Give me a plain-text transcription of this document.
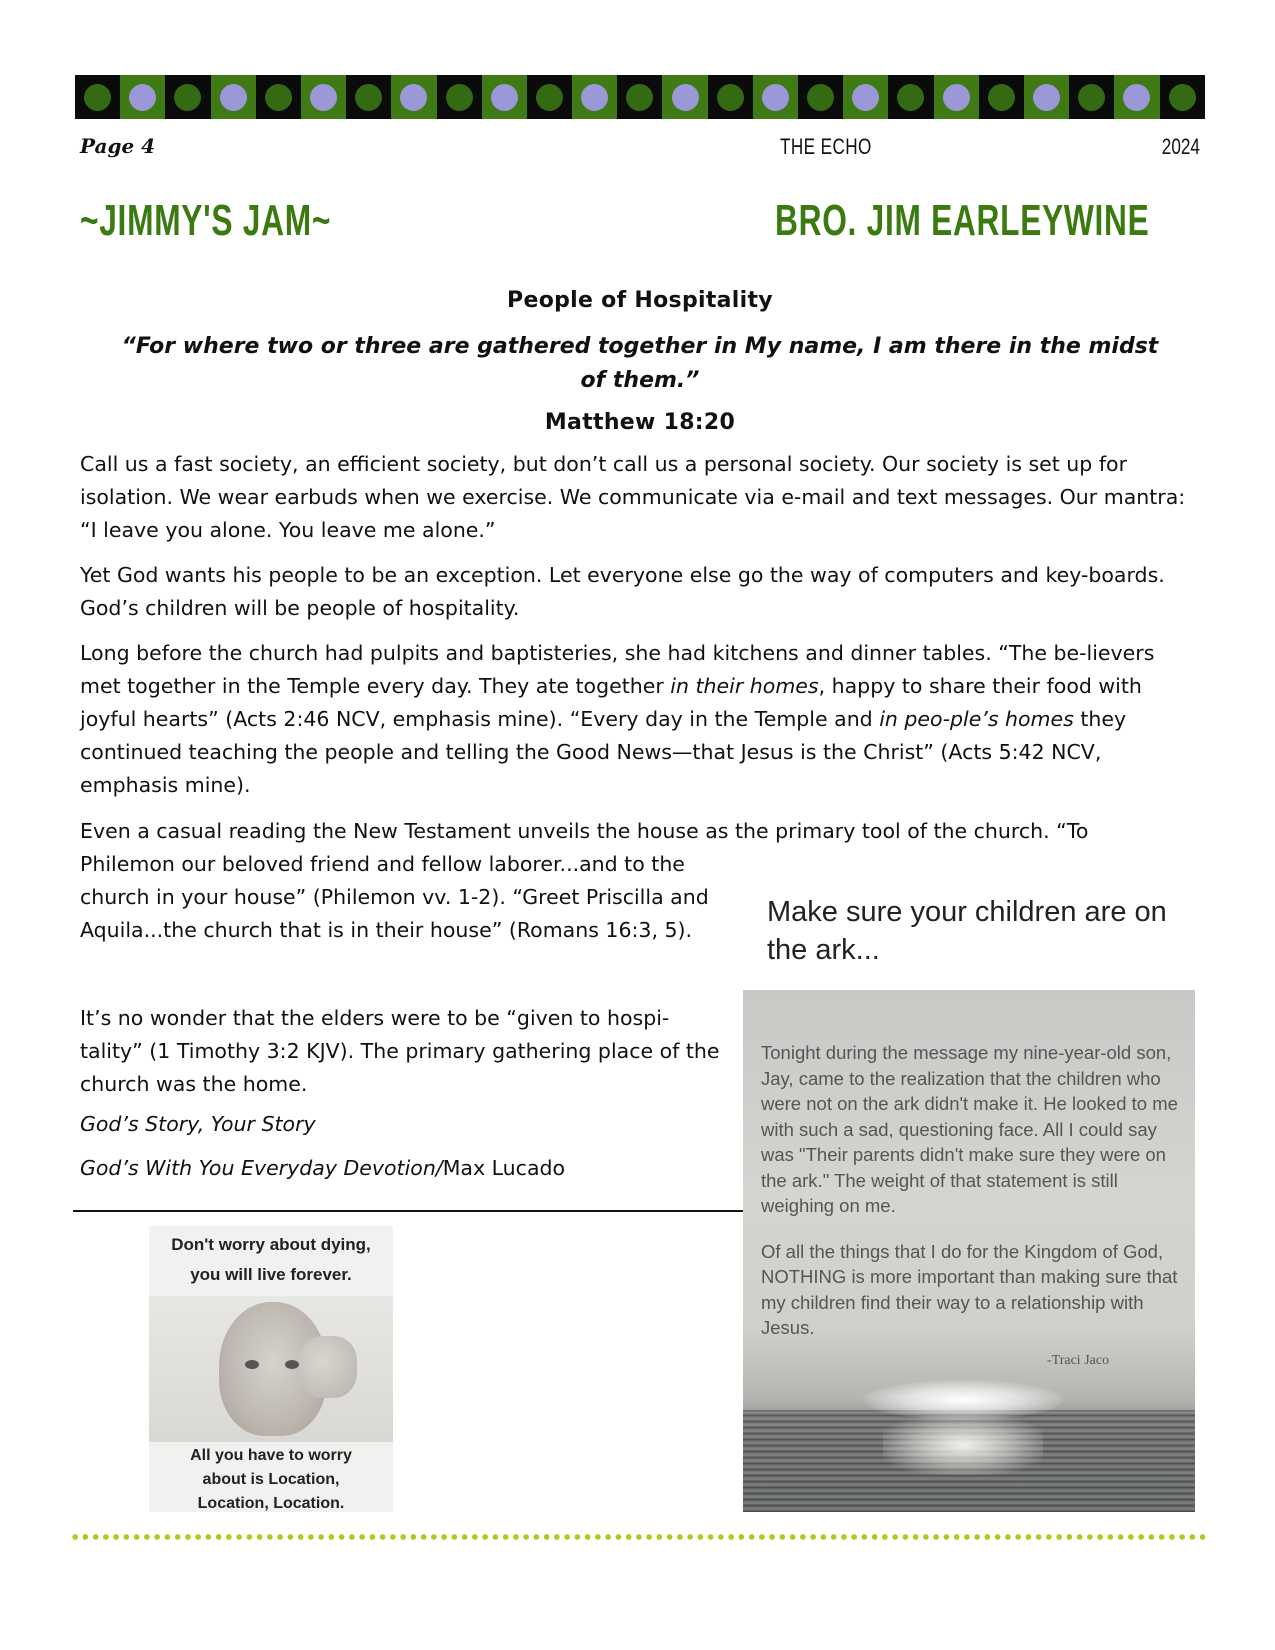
Page 4	THE ECHO	2024
~JIMMY'S JAM~	BRO. JIM EARLEYWINE
People of Hospitality
“For where two or three are gathered together in My name, I am there in the midst of them.”
Matthew 18:20

Call us a fast society, an efficient society, but don’t call us a personal society. Our society is set up for isolation. We wear earbuds when we exercise. We communicate via e-mail and text messages. Our mantra: “I leave you alone. You leave me alone.”

Yet God wants his people to be an exception. Let everyone else go the way of computers and key-boards. God’s children will be people of hospitality.

Long before the church had pulpits and baptisteries, she had kitchens and dinner tables. “The be-lievers met together in the Temple every day. They ate together in their homes, happy to share their food with joyful hearts” (Acts 2:46 NCV, emphasis mine). “Every day in the Temple and in peo-ple’s homes they continued teaching the people and telling the Good News—that Jesus is the Christ” (Acts 5:42 NCV, emphasis mine).

Even a casual reading the New Testament unveils the house as the primary tool of the church. “To

Philemon our beloved friend and fellow laborer...and to the church in your house” (Philemon vv. 1-2). “Greet Priscilla and Aquila...the church that is in their house” (Romans 16:3, 5).

It’s no wonder that the elders were to be “given to hospi-tality” (1 Timothy 3:2 KJV). The primary gathering place of the church was the home.

God’s Story, Your Story
God’s With You Everyday Devotion/Max Lucado
Make sure your children are on the ark...

Tonight during the message my nine-year-old son, Jay, came to the realization that the children who were not on the ark didn't make it. He looked to me with such a sad, questioning face. All I could say was "Their parents didn't make sure they were on the ark." The weight of that statement is still weighing on me.

Of all the things that I do for the Kingdom of God, NOTHING is more important than making sure that my children find their way to a relationship with Jesus.

-Traci Jaco
Don't worry about dying,
you will live forever.
All you have to worry
about is Location,
Location, Location.
